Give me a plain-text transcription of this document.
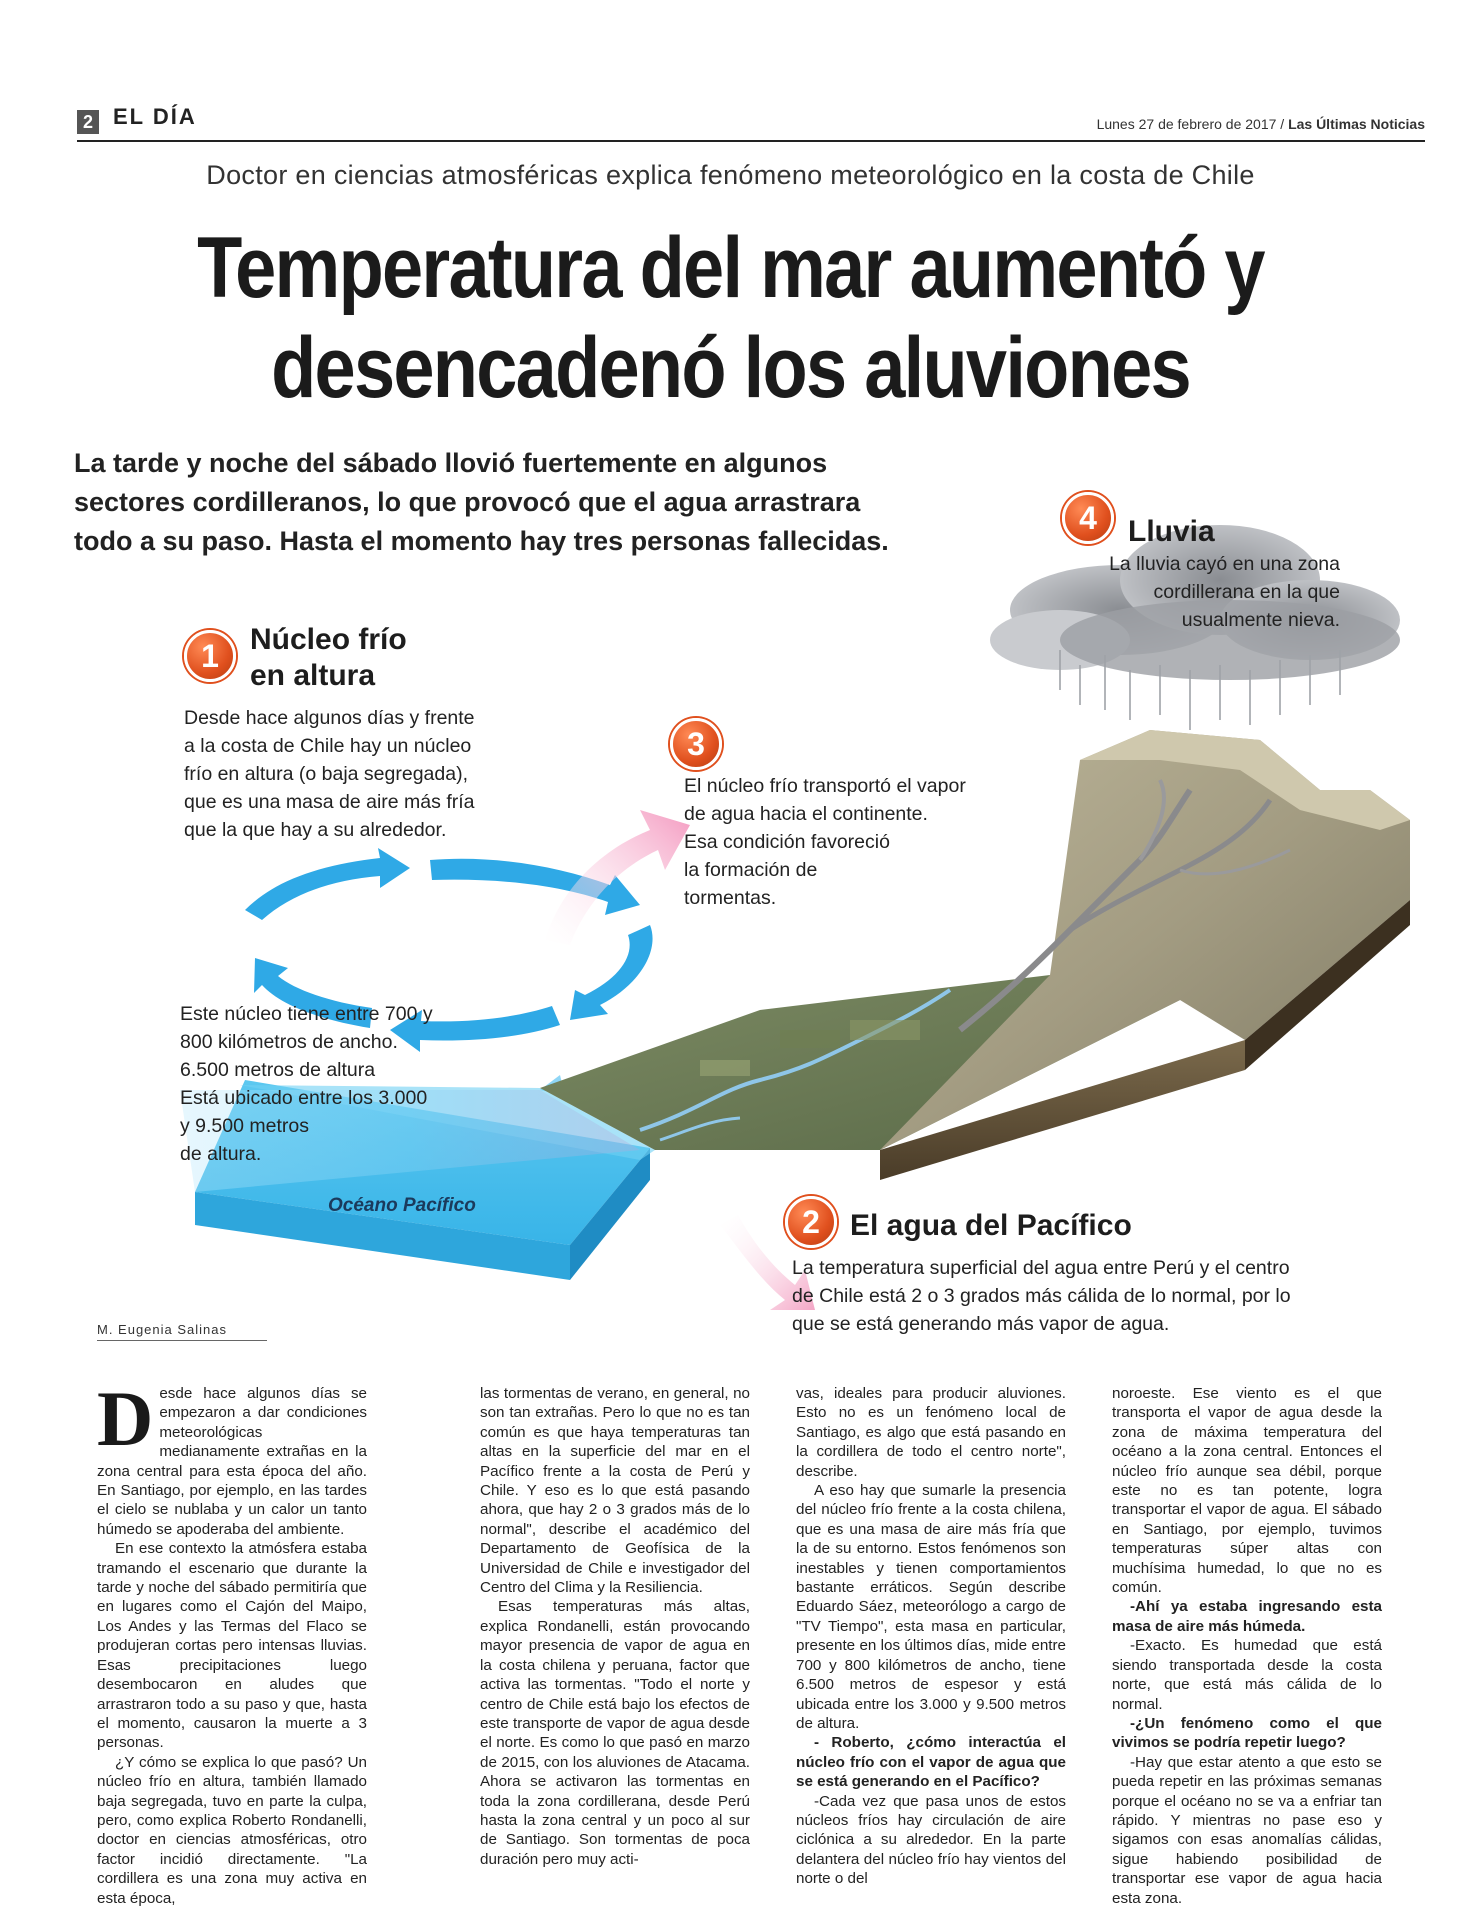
2 EL DÍA	Lunes 27 de febrero de 2017 / Las Últimas Noticias
Doctor en ciencias atmosféricas explica fenómeno meteorológico en la costa de Chile
Temperatura del mar aumentó y
desencadenó los aluviones
La tarde y noche del sábado llovió fuertemente en algunos
sectores cordilleranos, lo que provocó que el agua arrastrara
todo a su paso. Hasta el momento hay tres personas fallecidas.
1	Núcleo frío
en altura
Desde hace algunos días y frente
a la costa de Chile hay un núcleo
frío en altura (o baja segregada),
que es una masa de aire más fría
que la que hay a su alrededor.
Este núcleo tiene entre 700 y
800 kilómetros de ancho.
6.500 metros de altura
Está ubicado entre los 3.000
y 9.500 metros
de altura.
3
El núcleo frío transportó el vapor
de agua hacia el continente.
Esa condición favoreció
la formación de
tormentas.
4	Lluvia
La lluvia cayó en una zona
cordillerana en la que
usualmente nieva.
Océano Pacífico	2	El agua del Pacífico
La temperatura superficial del agua entre Perú y el centro
de Chile está 2 o 3 grados más cálida de lo normal, por lo
que se está generando más vapor de agua.
M. Eugenia Salinas

Desde hace algunos días se empezaron a dar condiciones meteorológicas medianamente extrañas en la zona central para esta época del año. En Santiago, por ejemplo, en las tardes el cielo se nublaba y un calor un tanto húmedo se apoderaba del ambiente.

En ese contexto la atmósfera estaba tramando el escenario que durante la tarde y noche del sábado permitiría que en lugares como el Cajón del Maipo, Los Andes y las Termas del Flaco se produjeran cortas pero intensas lluvias. Esas precipitaciones luego desembocaron en aludes que arrastraron todo a su paso y que, hasta el momento, causaron la muerte a 3 personas.

¿Y cómo se explica lo que pasó? Un núcleo frío en altura, también llamado baja segregada, tuvo en parte la culpa, pero, como explica Roberto Rondanelli, doctor en ciencias atmosféricas, otro factor incidió directamente. "La cordillera es una zona muy activa en esta época,

las tormentas de verano, en general, no son tan extrañas. Pero lo que no es tan común es que haya temperaturas tan altas en la superficie del mar en el Pacífico frente a la costa de Perú y Chile. Y eso es lo que está pasando ahora, que hay 2 o 3 grados más de lo normal", describe el académico del Departamento de Geofísica de la Universidad de Chile e investigador del Centro del Clima y la Resiliencia.

Esas temperaturas más altas, explica Rondanelli, están provocando mayor presencia de vapor de agua en la costa chilena y peruana, factor que activa las tormentas. "Todo el norte y centro de Chile está bajo los efectos de este transporte de vapor de agua desde el norte. Es como lo que pasó en marzo de 2015, con los aluviones de Atacama. Ahora se activaron las tormentas en toda la zona cordillerana, desde Perú hasta la zona central y un poco al sur de Santiago. Son tormentas de poca duración pero muy acti-

vas, ideales para producir aluviones. Esto no es un fenómeno local de Santiago, es algo que está pasando en la cordillera de todo el centro norte", describe.

A eso hay que sumarle la presencia del núcleo frío frente a la costa chilena, que es una masa de aire más fría que la de su entorno. Estos fenómenos son inestables y tienen comportamientos bastante erráticos. Según describe Eduardo Sáez, meteorólogo a cargo de "TV Tiempo", esta masa en particular, presente en los últimos días, mide entre 700 y 800 kilómetros de ancho, tiene 6.500 metros de espesor y está ubicada entre los 3.000 y 9.500 metros de altura.

- Roberto, ¿cómo interactúa el núcleo frío con el vapor de agua que se está generando en el Pacífico?

-Cada vez que pasa unos de estos núcleos fríos hay circulación de aire ciclónica a su alrededor. En la parte delantera del núcleo frío hay vientos del norte o del

noroeste. Ese viento es el que transporta el vapor de agua desde la zona de máxima temperatura del océano a la zona central. Entonces el núcleo frío aunque sea débil, porque este no es tan potente, logra transportar el vapor de agua. El sábado en Santiago, por ejemplo, tuvimos temperaturas súper altas con muchísima humedad, lo que no es común.

-Ahí ya estaba ingresando esta masa de aire más húmeda.

-Exacto. Es humedad que está siendo transportada desde la costa norte, que está más cálida de lo normal.

-¿Un fenómeno como el que vivimos se podría repetir luego?

-Hay que estar atento a que esto se pueda repetir en las próximas semanas porque el océano no se va a enfriar tan rápido. Y mientras no pase eso y sigamos con esas anomalías cálidas, sigue habiendo posibilidad de transportar ese vapor de agua hacia esta zona.
